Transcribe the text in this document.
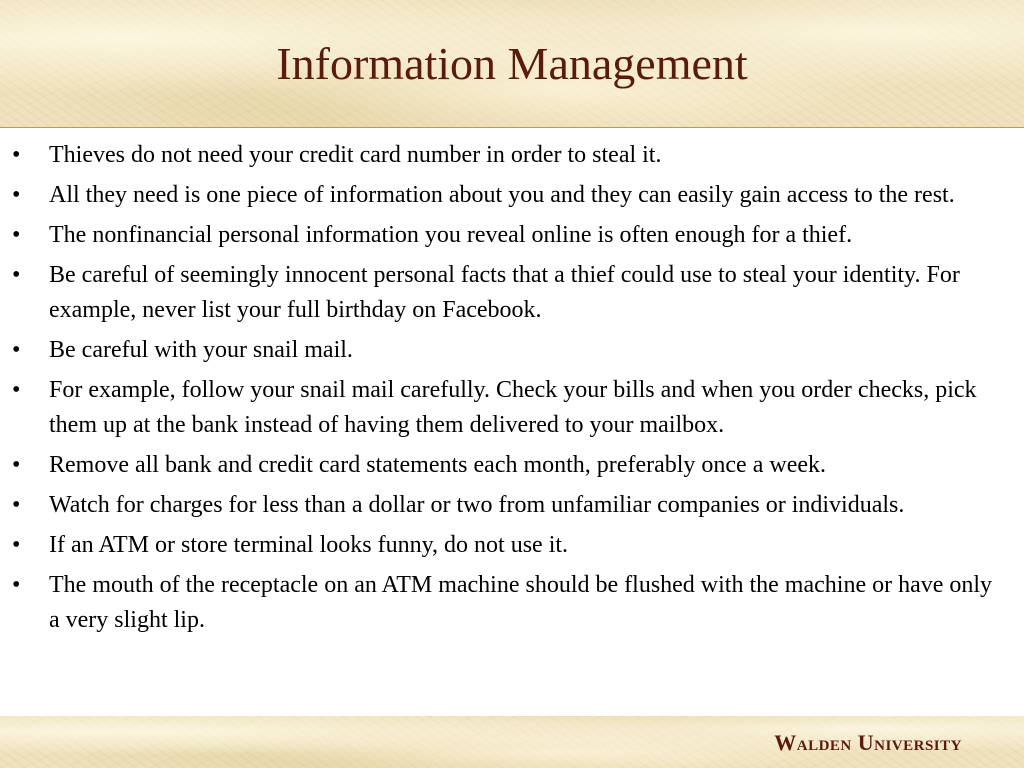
Information Management
• Thieves do not need your credit card number in order to steal it.
• All they need is one piece of information about you and they can easily gain access to the rest.
• The nonfinancial personal information you reveal online is often enough for a thief.
• Be careful of seemingly innocent personal facts that a thief could use to steal your identity. For example, never list your full birthday on Facebook.
• Be careful with your snail mail.
• For example, follow your snail mail carefully. Check your bills and when you order checks, pick them up at the bank instead of having them delivered to your mailbox.
• Remove all bank and credit card statements each month, preferably once a week.
• Watch for charges for less than a dollar or two from unfamiliar companies or individuals.
• If an ATM or store terminal looks funny, do not use it.
• The mouth of the receptacle on an ATM machine should be flushed with the machine or have only a very slight lip.
Walden University
